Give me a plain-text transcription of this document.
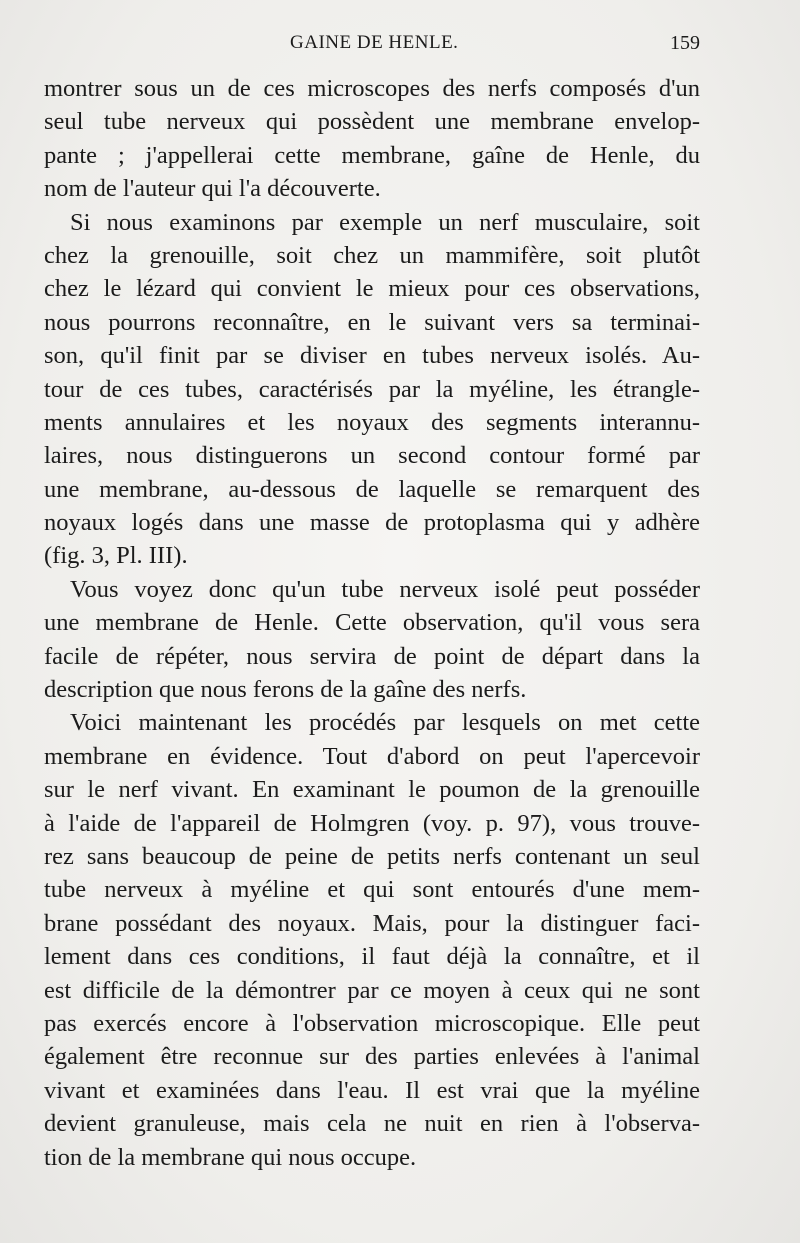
GAINE DE HENLE.	159
montrer sous un de ces microscopes des nerfs composés d'un
seul tube nerveux qui possèdent une membrane envelop-
pante ; j'appellerai cette membrane, gaîne de Henle, du
nom de l'auteur qui l'a découverte.
Si nous examinons par exemple un nerf musculaire, soit
chez la grenouille, soit chez un mammifère, soit plutôt
chez le lézard qui convient le mieux pour ces observations,
nous pourrons reconnaître, en le suivant vers sa terminai-
son, qu'il finit par se diviser en tubes nerveux isolés. Au-
tour de ces tubes, caractérisés par la myéline, les étrangle-
ments annulaires et les noyaux des segments interannu-
laires, nous distinguerons un second contour formé par
une membrane, au-dessous de laquelle se remarquent des
noyaux logés dans une masse de protoplasma qui y adhère
(fig. 3, Pl. III).
Vous voyez donc qu'un tube nerveux isolé peut posséder
une membrane de Henle. Cette observation, qu'il vous sera
facile de répéter, nous servira de point de départ dans la
description que nous ferons de la gaîne des nerfs.
Voici maintenant les procédés par lesquels on met cette
membrane en évidence. Tout d'abord on peut l'apercevoir
sur le nerf vivant. En examinant le poumon de la grenouille
à l'aide de l'appareil de Holmgren (voy. p. 97), vous trouve-
rez sans beaucoup de peine de petits nerfs contenant un seul
tube nerveux à myéline et qui sont entourés d'une mem-
brane possédant des noyaux. Mais, pour la distinguer faci-
lement dans ces conditions, il faut déjà la connaître, et il
est difficile de la démontrer par ce moyen à ceux qui ne sont
pas exercés encore à l'observation microscopique. Elle peut
également être reconnue sur des parties enlevées à l'animal
vivant et examinées dans l'eau. Il est vrai que la myéline
devient granuleuse, mais cela ne nuit en rien à l'observa-
tion de la membrane qui nous occupe.
